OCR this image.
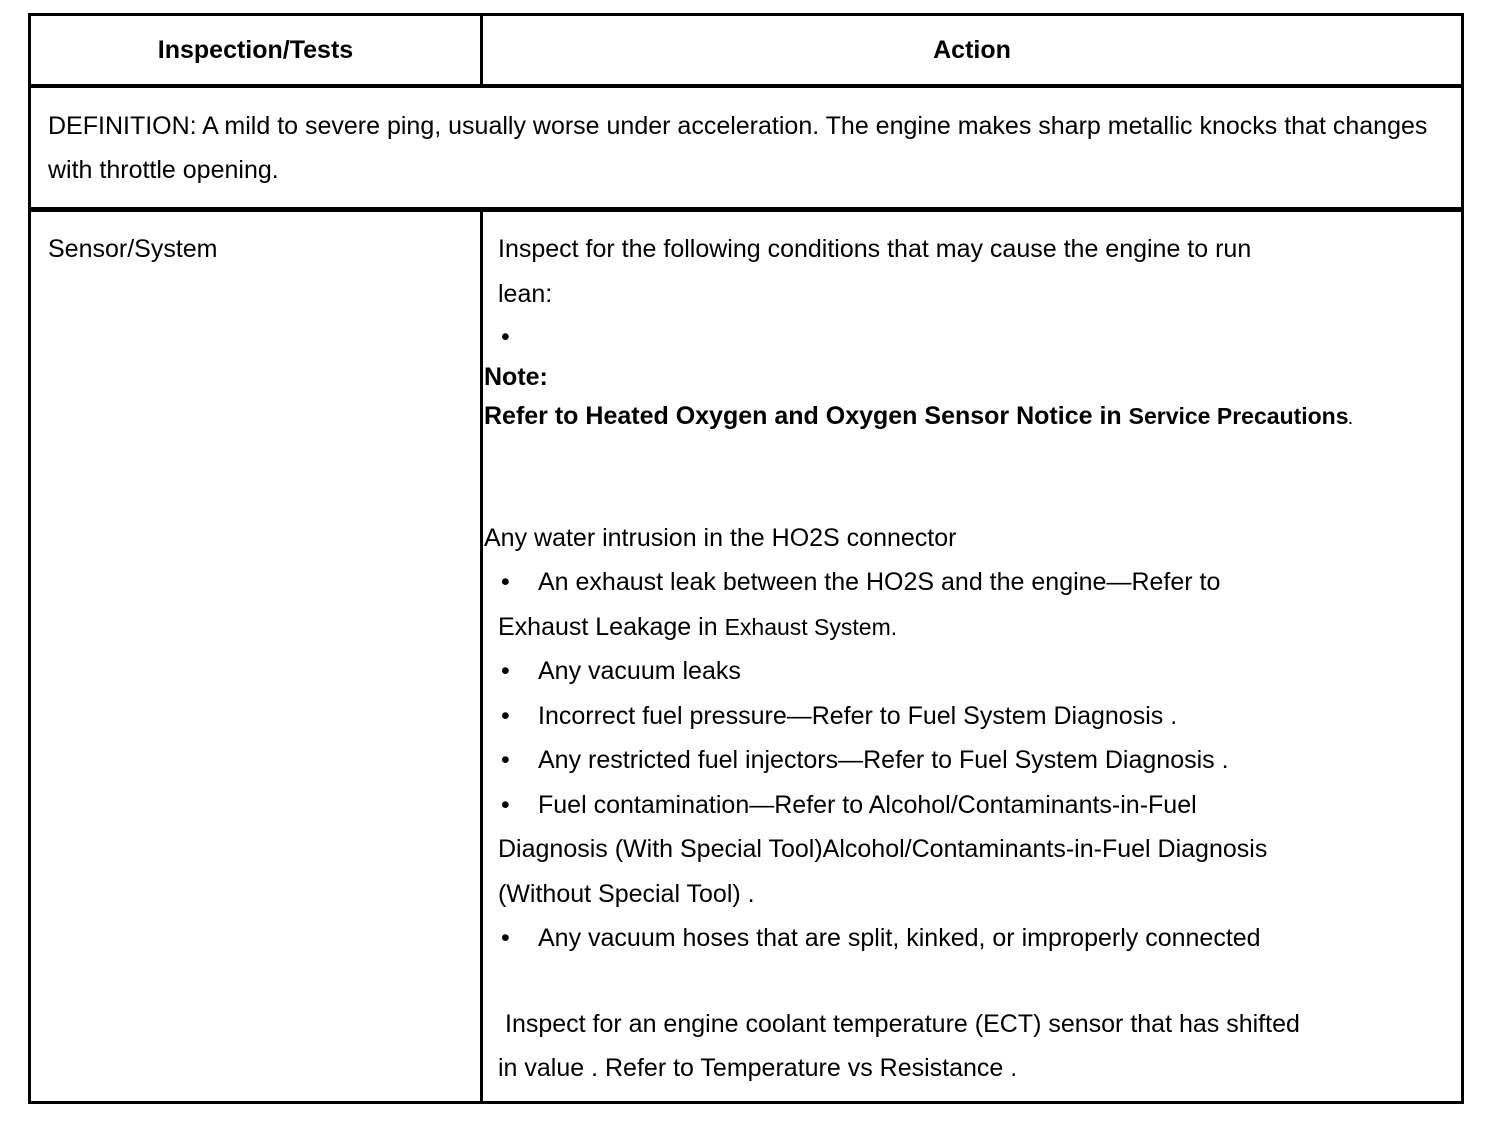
Inspection/Tests	Action
DEFINITION: A mild to severe ping, usually worse under acceleration. The engine makes sharp metallic knocks that changes with throttle opening.
Sensor/System	Inspect for the following conditions that may cause the engine to run
lean:
•
Note:
Refer to Heated Oxygen and Oxygen Sensor Notice in Service Precautions.
Any water intrusion in the HO2S connector
• An exhaust leak between the HO2S and the engine—Refer to
Exhaust Leakage in Exhaust System.
• Any vacuum leaks
• Incorrect fuel pressure—Refer to Fuel System Diagnosis .
• Any restricted fuel injectors—Refer to Fuel System Diagnosis .
• Fuel contamination—Refer to Alcohol/Contaminants-in-Fuel
Diagnosis (With Special Tool)Alcohol/Contaminants-in-Fuel Diagnosis
(Without Special Tool) .
• Any vacuum hoses that are split, kinked, or improperly connected
Inspect for an engine coolant temperature (ECT) sensor that has shifted
in value . Refer to Temperature vs Resistance .
